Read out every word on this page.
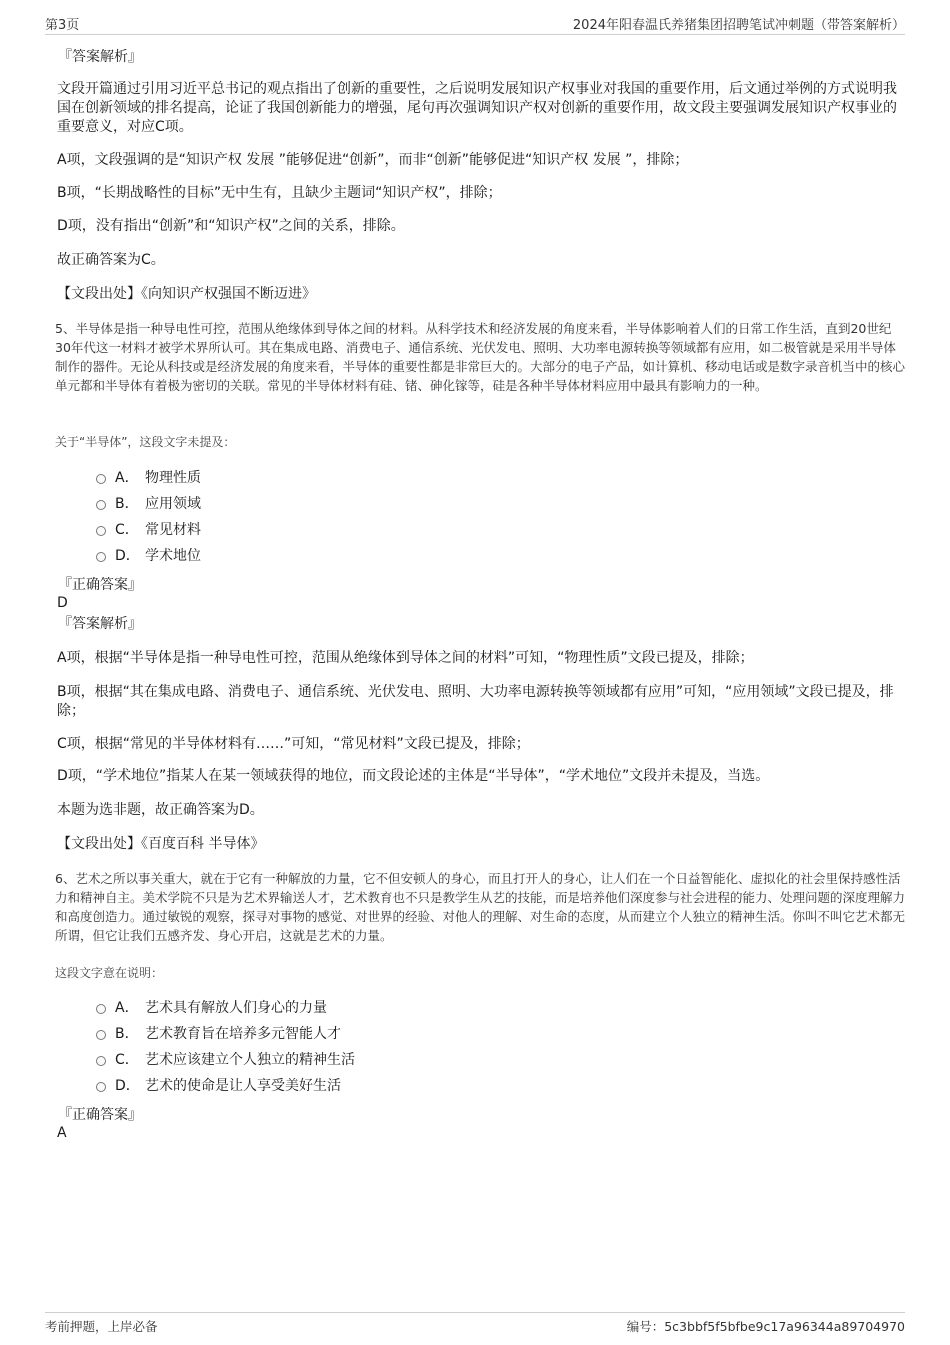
第3页	2024年阳春温氏养猪集团招聘笔试冲刺题（带答案解析）
『答案解析』
文段开篇通过引用习近平总书记的观点指出了创新的重要性，之后说明发展知识产权事业对我国的重要作用，后文通过举例的方式说明我国在创新领域的排名提高，论证了我国创新能力的增强，尾句再次强调知识产权对创新的重要作用，故文段主要强调发展知识产权事业的重要意义，对应C项。
A项，文段强调的是“知识产权 发展 ”能够促进“创新”，而非“创新”能够促进“知识产权 发展 ”，排除；
B项，“长期战略性的目标”无中生有，且缺少主题词“知识产权”，排除；
D项，没有指出“创新”和“知识产权”之间的关系，排除。
故正确答案为C。
【文段出处】《向知识产权强国不断迈进》
5、半导体是指一种导电性可控，范围从绝缘体到导体之间的材料。从科学技术和经济发展的角度来看，半导体影响着人们的日常工作生活，直到20世纪30年代这一材料才被学术界所认可。其在集成电路、消费电子、通信系统、光伏发电、照明、大功率电源转换等领域都有应用，如二极管就是采用半导体制作的器件。无论从科技或是经济发展的角度来看，半导体的重要性都是非常巨大的。大部分的电子产品，如计算机、移动电话或是数字录音机当中的核心单元都和半导体有着极为密切的关联。常见的半导体材料有硅、锗、砷化镓等，硅是各种半导体材料应用中最具有影响力的一种。
关于“半导体”，这段文字未提及：
A． 物理性质
B． 应用领域
C． 常见材料
D． 学术地位
『正确答案』
D
『答案解析』
A项，根据“半导体是指一种导电性可控，范围从绝缘体到导体之间的材料”可知，“物理性质”文段已提及，排除；
B项，根据“其在集成电路、消费电子、通信系统、光伏发电、照明、大功率电源转换等领域都有应用”可知，“应用领域”文段已提及，排除；
C项，根据“常见的半导体材料有……”可知，“常见材料”文段已提及，排除；
D项，“学术地位”指某人在某一领域获得的地位，而文段论述的主体是“半导体”，“学术地位”文段并未提及，当选。
本题为选非题，故正确答案为D。
【文段出处】《百度百科 半导体》
6、艺术之所以事关重大，就在于它有一种解放的力量，它不但安顿人的身心，而且打开人的身心，让人们在一个日益智能化、虚拟化的社会里保持感性活力和精神自主。美术学院不只是为艺术界输送人才，艺术教育也不只是教学生从艺的技能，而是培养他们深度参与社会进程的能力、处理问题的深度理解力和高度创造力。通过敏锐的观察，探寻对事物的感觉、对世界的经验、对他人的理解、对生命的态度，从而建立个人独立的精神生活。你叫不叫它艺术都无所谓，但它让我们五感齐发、身心开启，这就是艺术的力量。
这段文字意在说明：
A． 艺术具有解放人们身心的力量
B． 艺术教育旨在培养多元智能人才
C． 艺术应该建立个人独立的精神生活
D． 艺术的使命是让人享受美好生活
『正确答案』
A
考前押题，上岸必备	编号：5c3bbf5f5bfbe9c17a96344a89704970
